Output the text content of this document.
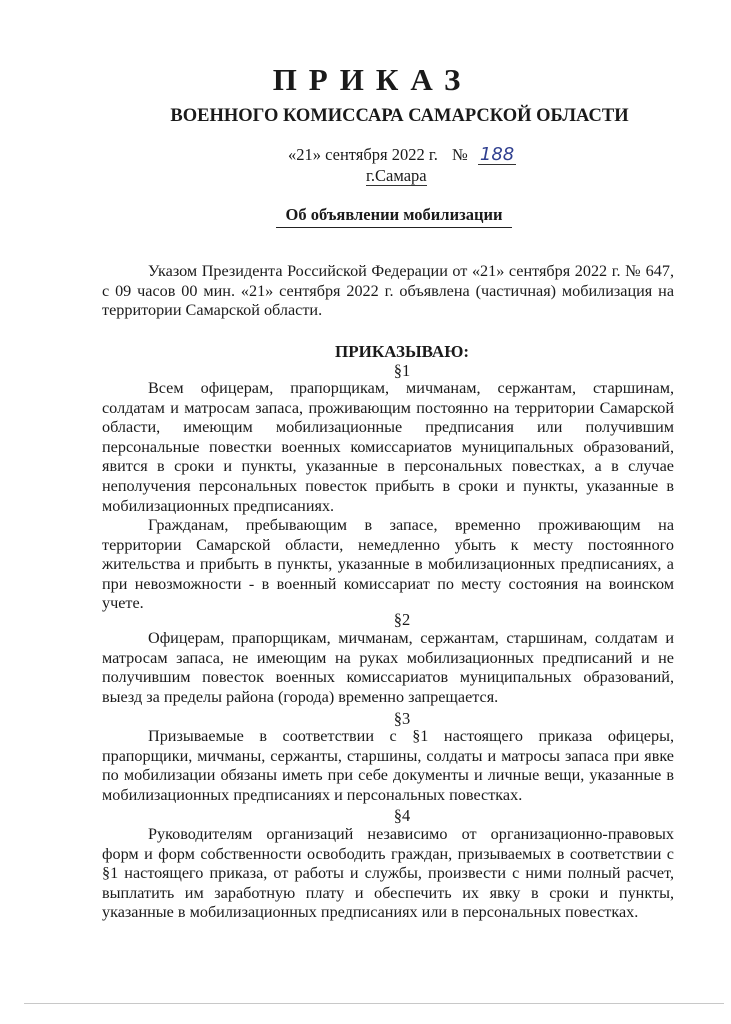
ПРИКАЗ
ВОЕННОГО КОМИССАРА САМАРСКОЙ ОБЛАСТИ
«21» сентября 2022 г. № 188
г.Самара
Об объявлении мобилизации

Указом Президента Российской Федерации от «21» сентября 2022 г. № 647, с 09 часов 00 мин. «21» сентября 2022 г. объявлена (частичная) мобилизация на территории Самарской области.

ПРИКАЗЫВАЮ:

§1

Всем офицерам, прапорщикам, мичманам, сержантам, старшинам, солдатам и матросам запаса, проживающим постоянно на территории Самарской области, имеющим мобилизационные предписания или получившим персональные повестки военных комиссариатов муниципальных образований, явится в сроки и пункты, указанные в персональных повестках, а в случае неполучения персональных повесток прибыть в сроки и пункты, указанные в мобилизационных предписаниях.

Гражданам, пребывающим в запасе, временно проживающим на территории Самарской области, немедленно убыть к месту постоянного жительства и прибыть в пункты, указанные в мобилизационных предписаниях, а при невозможности - в военный комиссариат по месту состояния на воинском учете.

§2

Офицерам, прапорщикам, мичманам, сержантам, старшинам, солдатам и матросам запаса, не имеющим на руках мобилизационных предписаний и не получившим повесток военных комиссариатов муниципальных образований, выезд за пределы района (города) временно запрещается.

§3

Призываемые в соответствии с §1 настоящего приказа офицеры, прапорщики, мичманы, сержанты, старшины, солдаты и матросы запаса при явке по мобилизации обязаны иметь при себе документы и личные вещи, указанные в мобилизационных предписаниях и персональных повестках.

§4

Руководителям организаций независимо от организационно-правовых форм и форм собственности освободить граждан, призываемых в соответствии с §1 настоящего приказа, от работы и службы, произвести с ними полный расчет, выплатить им заработную плату и обеспечить их явку в сроки и пункты, указанные в мобилизационных предписаниях или в персональных повестках.
